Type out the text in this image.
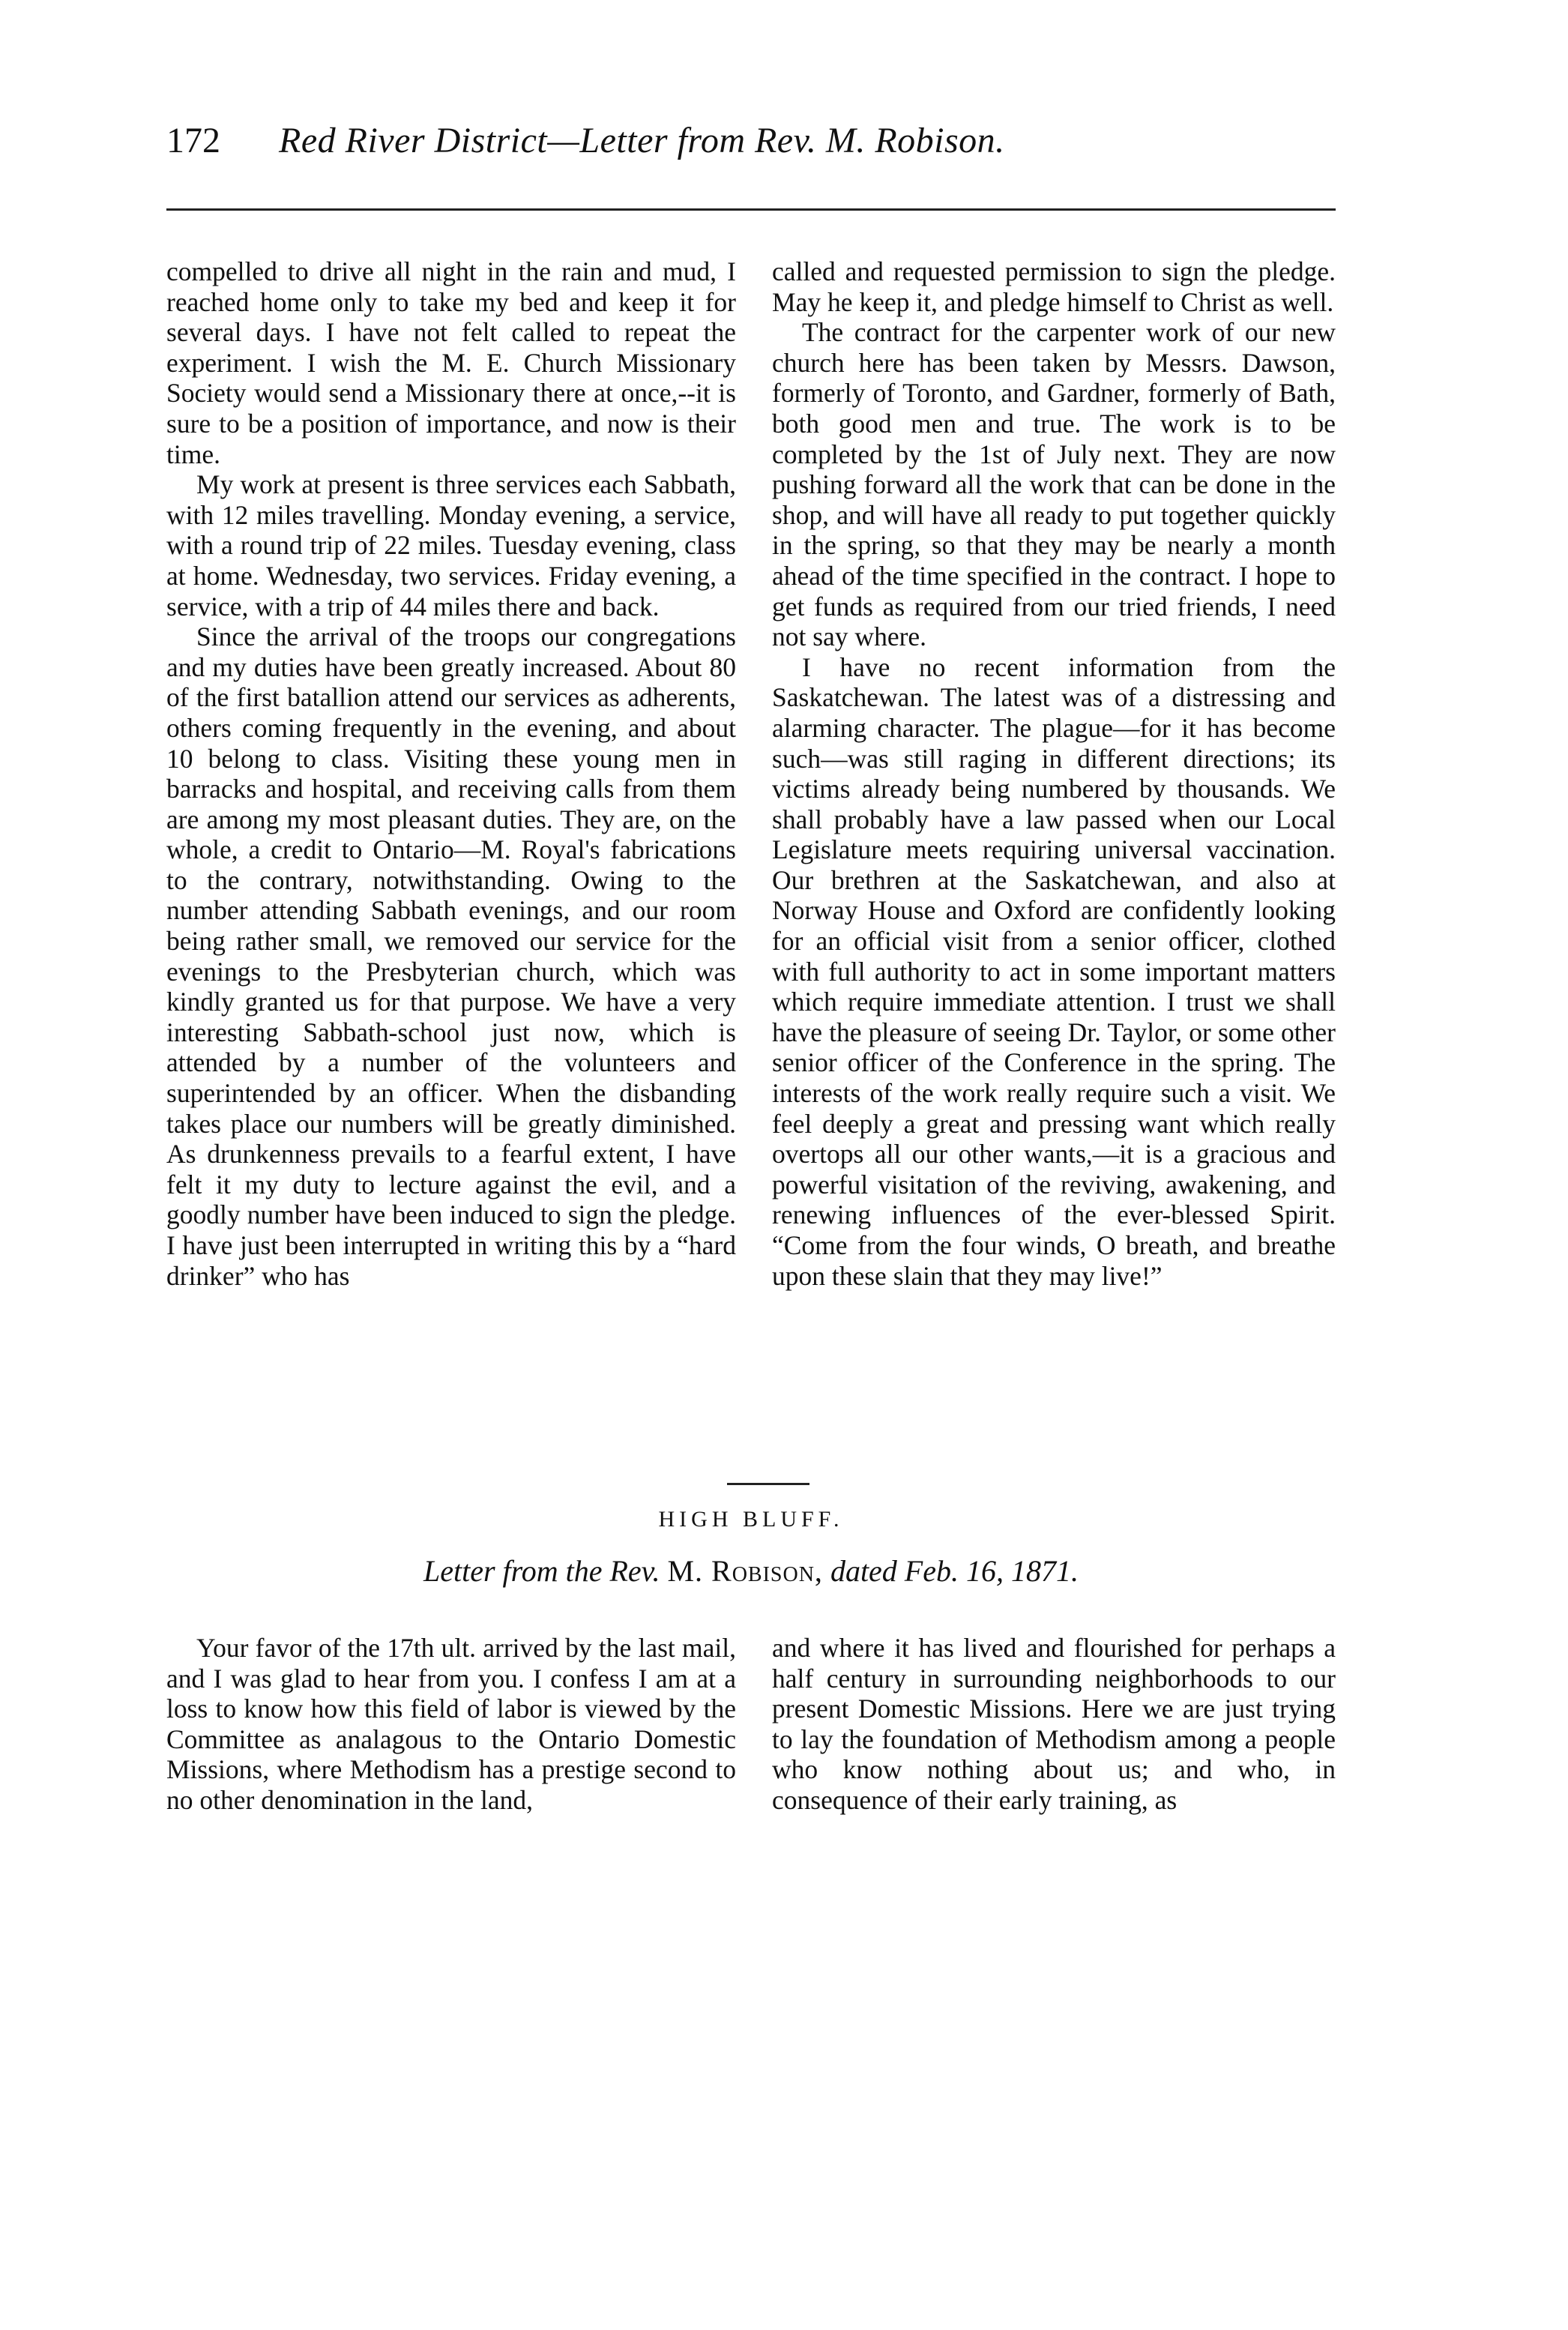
172	Red River District—Letter from Rev. M. Robison.

compelled to drive all night in the rain and mud, I reached home only to take my bed and keep it for several days. I have not felt called to repeat the experiment. I wish the M. E. Church Missionary Society would send a Missionary there at once,--it is sure to be a position of importance, and now is their time.

My work at present is three services each Sabbath, with 12 miles travelling. Monday evening, a service, with a round trip of 22 miles. Tuesday evening, class at home. Wednesday, two services. Friday evening, a service, with a trip of 44 miles there and back.

Since the arrival of the troops our congregations and my duties have been greatly increased. About 80 of the first batallion attend our services as adherents, others coming frequently in the evening, and about 10 belong to class. Visiting these young men in barracks and hospital, and receiving calls from them are among my most pleasant duties. They are, on the whole, a credit to Ontario—M. Royal's fabrications to the contrary, notwithstanding. Owing to the number attending Sabbath evenings, and our room being rather small, we removed our service for the evenings to the Presbyterian church, which was kindly granted us for that purpose. We have a very interesting Sabbath-school just now, which is attended by a number of the volunteers and superintended by an officer. When the disbanding takes place our numbers will be greatly diminished. As drunkenness prevails to a fearful extent, I have felt it my duty to lecture against the evil, and a goodly number have been induced to sign the pledge. I have just been interrupted in writing this by a “hard drinker” who has

called and requested permission to sign the pledge. May he keep it, and pledge himself to Christ as well.

The contract for the carpenter work of our new church here has been taken by Messrs. Dawson, formerly of Toronto, and Gardner, formerly of Bath, both good men and true. The work is to be completed by the 1st of July next. They are now pushing forward all the work that can be done in the shop, and will have all ready to put together quickly in the spring, so that they may be nearly a month ahead of the time specified in the contract. I hope to get funds as required from our tried friends, I need not say where.

I have no recent information from the Saskatchewan. The latest was of a distressing and alarming character. The plague—for it has become such—was still raging in different directions; its victims already being numbered by thousands. We shall probably have a law passed when our Local Legislature meets requiring universal vaccination. Our brethren at the Saskatchewan, and also at Norway House and Oxford are confidently looking for an official visit from a senior officer, clothed with full authority to act in some important matters which require immediate attention. I trust we shall have the pleasure of seeing Dr. Taylor, or some other senior officer of the Conference in the spring. The interests of the work really require such a visit. We feel deeply a great and pressing want which really overtops all our other wants,—it is a gracious and powerful visitation of the reviving, awakening, and renewing influences of the ever-blessed Spirit. “Come from the four winds, O breath, and breathe upon these slain that they may live!”

HIGH BLUFF.
Letter from the Rev. M. Robison, dated Feb. 16, 1871.

Your favor of the 17th ult. arrived by the last mail, and I was glad to hear from you. I confess I am at a loss to know how this field of labor is viewed by the Committee as analagous to the Ontario Domestic Missions, where Methodism has a prestige second to no other denomination in the land,

and where it has lived and flourished for perhaps a half century in surrounding neighborhoods to our present Domestic Missions. Here we are just trying to lay the foundation of Methodism among a people who know nothing about us; and who, in consequence of their early training, as
